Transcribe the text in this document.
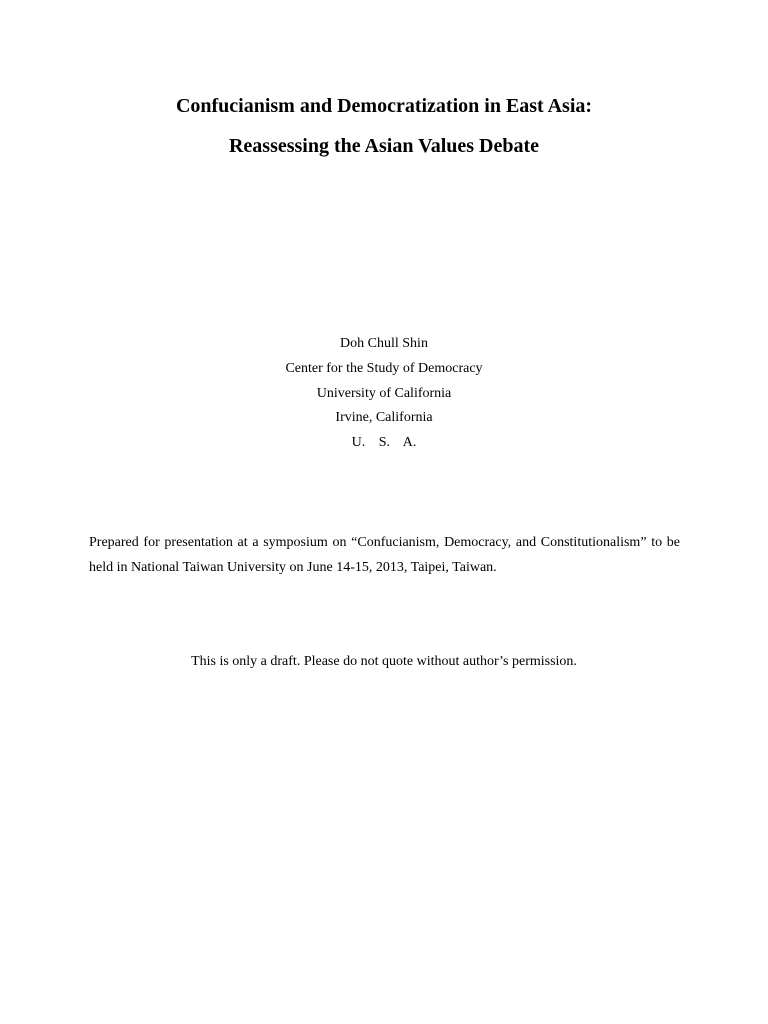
Confucianism and Democratization in East Asia:
Reassessing the Asian Values Debate
Doh Chull Shin
Center for the Study of Democracy
University of California
Irvine, California
U. S. A.
Prepared for presentation at a symposium on “Confucianism, Democracy, and Constitutionalism” to be
held in National Taiwan University on June 14-15, 2013, Taipei, Taiwan.
This is only a draft. Please do not quote without author’s permission.
